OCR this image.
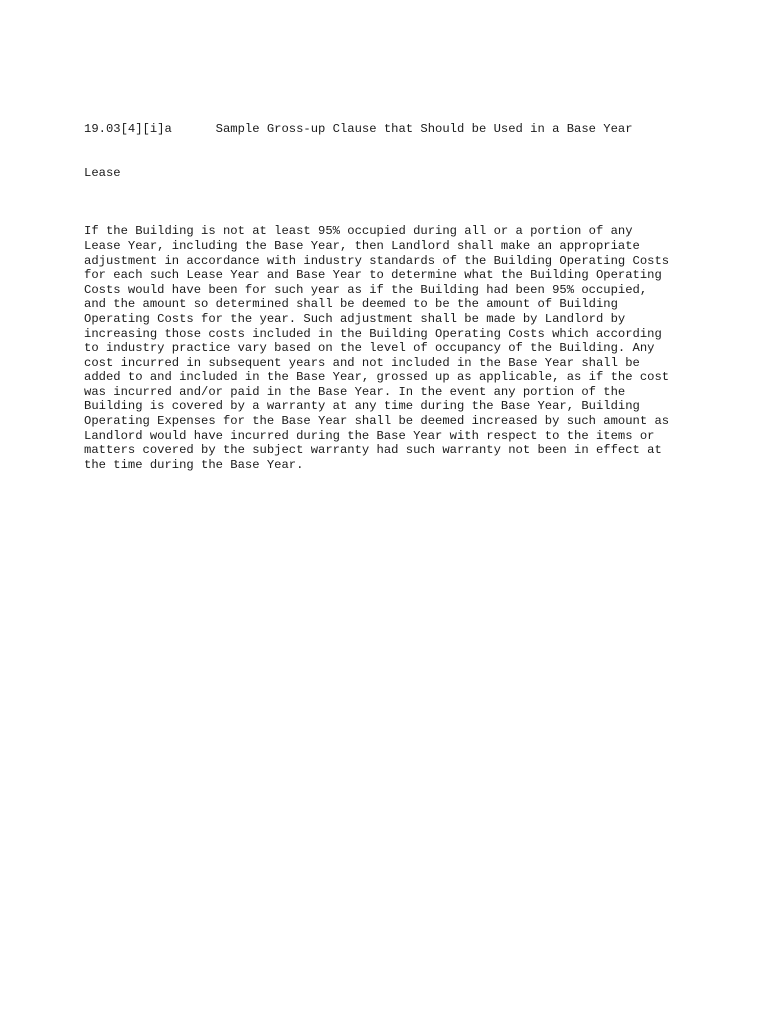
19.03[4][i]a      Sample Gross-up Clause that Should be Used in a Base Year

Lease

If the Building is not at least 95% occupied during all or a portion of any
Lease Year, including the Base Year, then Landlord shall make an appropriate
adjustment in accordance with industry standards of the Building Operating Costs
for each such Lease Year and Base Year to determine what the Building Operating
Costs would have been for such year as if the Building had been 95% occupied,
and the amount so determined shall be deemed to be the amount of Building
Operating Costs for the year. Such adjustment shall be made by Landlord by
increasing those costs included in the Building Operating Costs which according
to industry practice vary based on the level of occupancy of the Building. Any
cost incurred in subsequent years and not included in the Base Year shall be
added to and included in the Base Year, grossed up as applicable, as if the cost
was incurred and/or paid in the Base Year. In the event any portion of the
Building is covered by a warranty at any time during the Base Year, Building
Operating Expenses for the Base Year shall be deemed increased by such amount as
Landlord would have incurred during the Base Year with respect to the items or
matters covered by the subject warranty had such warranty not been in effect at
the time during the Base Year.
